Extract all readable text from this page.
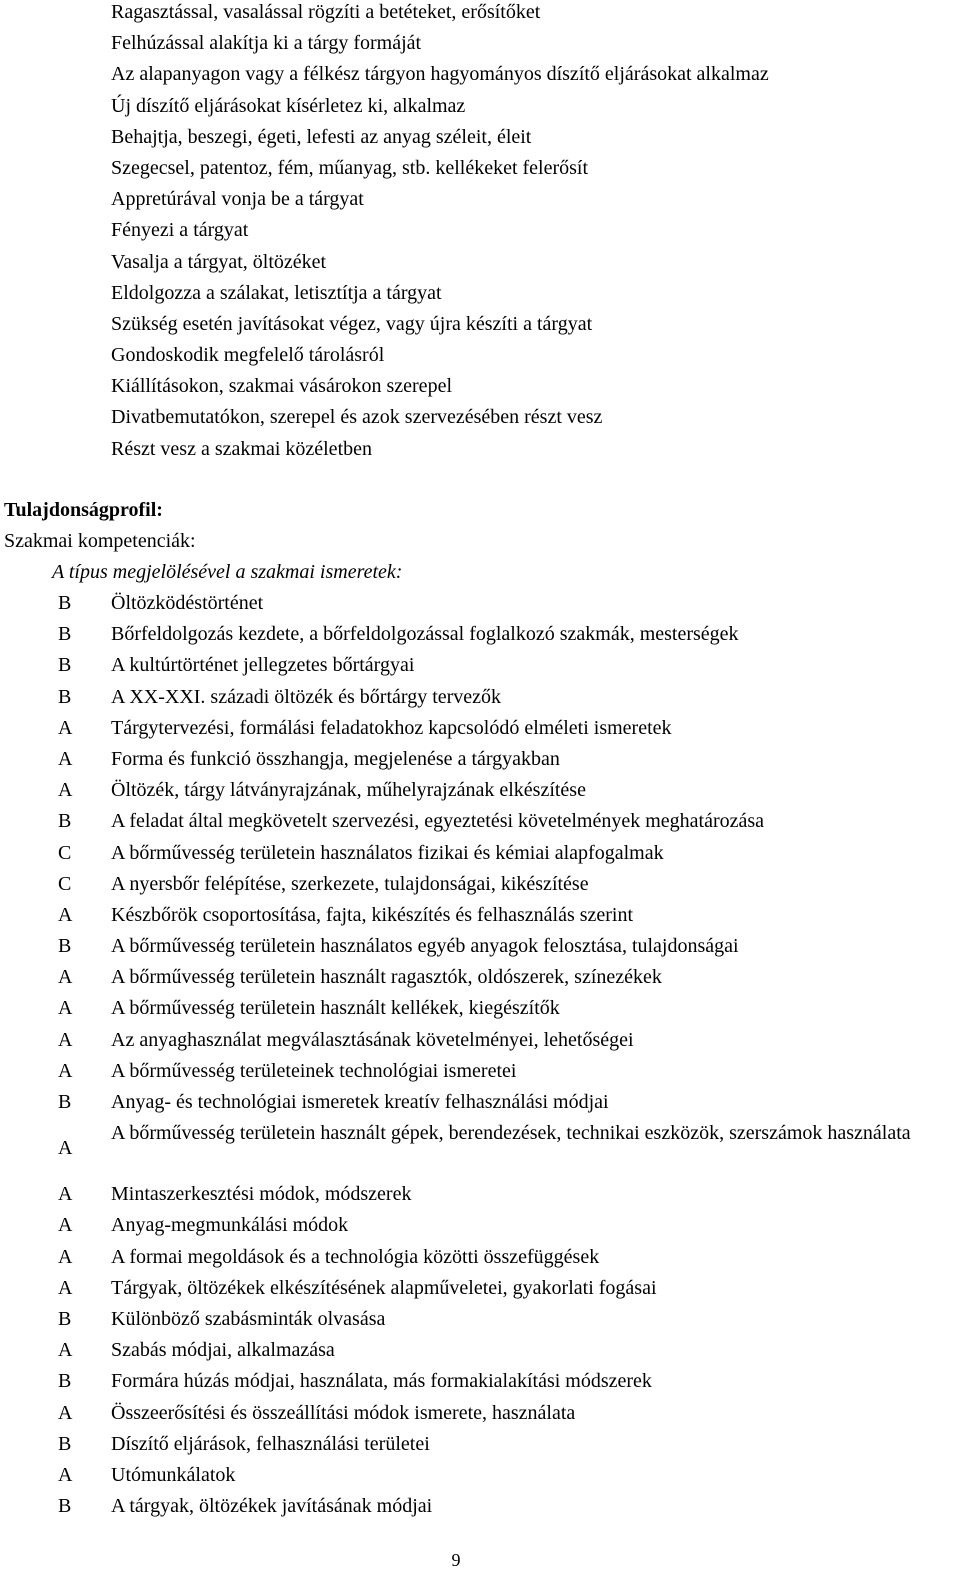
Ragasztással, vasalással rögzíti a betéteket, erősítőket
Felhúzással alakítja ki a tárgy formáját
Az alapanyagon vagy a félkész tárgyon hagyományos díszítő eljárásokat alkalmaz
Új díszítő eljárásokat kísérletez ki, alkalmaz
Behajtja, beszegi, égeti, lefesti az anyag széleit, éleit
Szegecsel, patentoz, fém, műanyag, stb. kellékeket felerősít
Appretúrával vonja be a tárgyat
Fényezi a tárgyat
Vasalja a tárgyat, öltözéket
Eldolgozza a szálakat, letisztítja a tárgyat
Szükség esetén javításokat végez, vagy újra készíti a tárgyat
Gondoskodik megfelelő tárolásról
Kiállításokon, szakmai vásárokon szerepel
Divatbemutatókon, szerepel és azok szervezésében részt vesz
Részt vesz a szakmai közéletben
Tulajdonságprofil:
Szakmai kompetenciák:
A típus megjelölésével a szakmai ismeretek:
B Öltözködéstörténet
B Bőrfeldolgozás kezdete, a bőrfeldolgozással foglalkozó szakmák, mesterségek
B A kultúrtörténet jellegzetes bőrtárgyai
B A XX-XXI. századi öltözék és bőrtárgy tervezők
A Tárgytervezési, formálási feladatokhoz kapcsolódó elméleti ismeretek
A Forma és funkció összhangja, megjelenése a tárgyakban
A Öltözék, tárgy látványrajzának, műhelyrajzának elkészítése
B A feladat által megkövetelt szervezési, egyeztetési követelmények meghatározása
C A bőrművesség területein használatos fizikai és kémiai alapfogalmak
C A nyersbőr felépítése, szerkezete, tulajdonságai, kikészítése
A Készbőrök csoportosítása, fajta, kikészítés és felhasználás szerint
B A bőrművesség területein használatos egyéb anyagok felosztása, tulajdonságai
A A bőrművesség területein használt ragasztók, oldószerek, színezékek
A A bőrművesség területein használt kellékek, kiegészítők
A Az anyaghasználat megválasztásának követelményei, lehetőségei
A A bőrművesség területeinek technológiai ismeretei
B Anyag- és technológiai ismeretek kreatív felhasználási módjai
A
A bőrművesség területein használt gépek, berendezések, technikai eszközök, szerszámok használata
A Mintaszerkesztési módok, módszerek
A Anyag-megmunkálási módok
A A formai megoldások és a technológia közötti összefüggések
A Tárgyak, öltözékek elkészítésének alapműveletei, gyakorlati fogásai
B Különböző szabásminták olvasása
A Szabás módjai, alkalmazása
B Formára húzás módjai, használata, más formakialakítási módszerek
A Összeerősítési és összeállítási módok ismerete, használata
B Díszítő eljárások, felhasználási területei
A Utómunkálatok
B A tárgyak, öltözékek javításának módjai
9
